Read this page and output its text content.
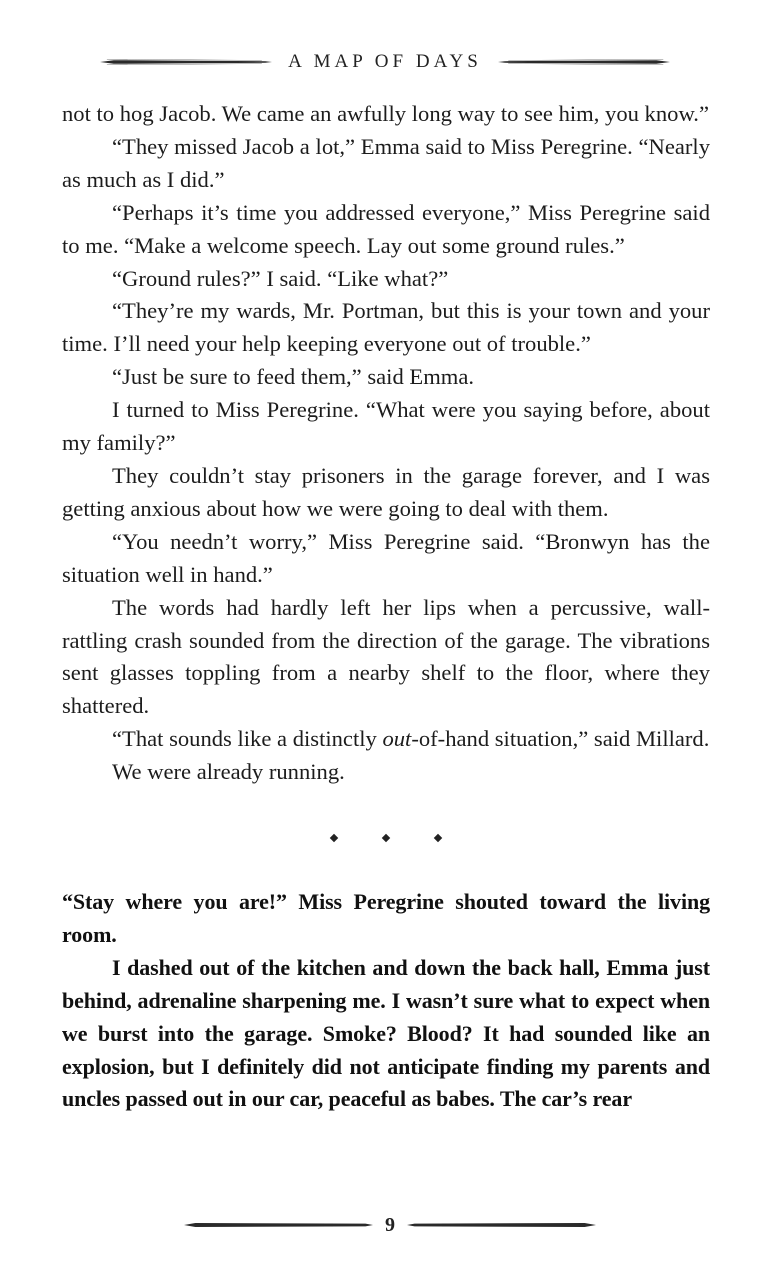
A MAP OF DAYS

not to hog Jacob. We came an awfully long way to see him, you know.”

“They missed Jacob a lot,” Emma said to Miss Peregrine. “Nearly as much as I did.”

“Perhaps it’s time you addressed everyone,” Miss Peregrine said to me. “Make a welcome speech. Lay out some ground rules.”

“Ground rules?” I said. “Like what?”

“They’re my wards, Mr. Portman, but this is your town and your time. I’ll need your help keeping everyone out of trouble.”

“Just be sure to feed them,” said Emma.

I turned to Miss Peregrine. “What were you saying before, about my family?”

They couldn’t stay prisoners in the garage forever, and I was getting anxious about how we were going to deal with them.

“You needn’t worry,” Miss Peregrine said. “Bronwyn has the situation well in hand.”

The words had hardly left her lips when a percussive, wall-rattling crash sounded from the direction of the garage. The vibrations sent glasses toppling from a nearby shelf to the floor, where they shattered.

“That sounds like a distinctly out-of-hand situation,” said Millard.

We were already running.

“Stay where you are!” Miss Peregrine shouted toward the living room.

I dashed out of the kitchen and down the back hall, Emma just behind, adrenaline sharpening me. I wasn’t sure what to expect when we burst into the garage. Smoke? Blood? It had sounded like an explosion, but I definitely did not anticipate finding my parents and uncles passed out in our car, peaceful as babes. The car’s rear

9
